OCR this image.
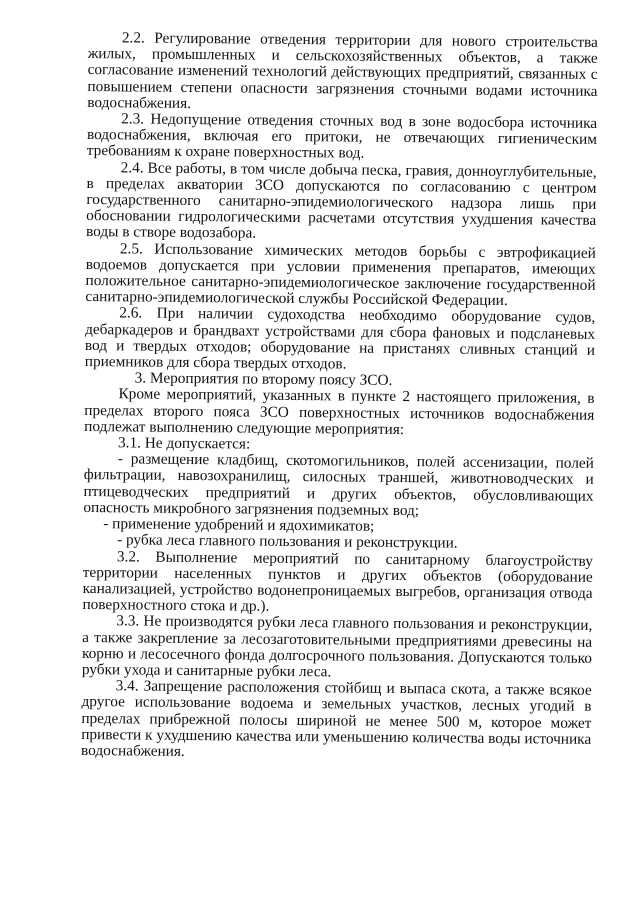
2.2. Регулирование отведения территории для нового строительства жилых, промышленных и сельскохозяйственных объектов, а также согласование изменений технологий действующих предприятий, связанных с повышением степени опасности загрязнения сточными водами источника водоснабжения.

2.3. Недопущение отведения сточных вод в зоне водосбора источника водоснабжения, включая его притоки, не отвечающих гигиеническим требованиям к охране поверхностных вод.

2.4. Все работы, в том числе добыча песка, гравия, донноуглубительные, в пределах акватории ЗСО допускаются по согласованию с центром государственного санитарно-эпидемиологического надзора лишь при обосновании гидрологическими расчетами отсутствия ухудшения качества воды в створе водозабора.

2.5. Использование химических методов борьбы с эвтрофикацией водоемов допускается при условии применения препаратов, имеющих положительное санитарно-эпидемиологическое заключение государственной санитарно-эпидемиологической службы Российской Федерации.

2.6. При наличии судоходства необходимо оборудование судов, дебаркадеров и брандвахт устройствами для сбора фановых и подсланевых вод и твердых отходов; оборудование на пристанях сливных станций и приемников для сбора твердых отходов.

3. Мероприятия по второму поясу ЗСО.

Кроме мероприятий, указанных в пункте 2 настоящего приложения, в пределах второго пояса ЗСО поверхностных источников водоснабжения подлежат выполнению следующие мероприятия:

3.1. Не допускается:

- размещение кладбищ, скотомогильников, полей ассенизации, полей фильтрации, навозохранилищ, силосных траншей, животноводческих и птицеводческих предприятий и других объектов, обусловливающих опасность микробного загрязнения подземных вод;

- применение удобрений и ядохимикатов;

- рубка леса главного пользования и реконструкции.

3.2. Выполнение мероприятий по санитарному благоустройству территории населенных пунктов и других объектов (оборудование канализацией, устройство водонепроницаемых выгребов, организация отвода поверхностного стока и др.).

3.3. Не производятся рубки леса главного пользования и реконструкции, а также закрепление за лесозаготовительными предприятиями древесины на корню и лесосечного фонда долгосрочного пользования. Допускаются только рубки ухода и санитарные рубки леса.

3.4. Запрещение расположения стойбищ и выпаса скота, а также всякое другое использование водоема и земельных участков, лесных угодий в пределах прибрежной полосы шириной не менее 500 м, которое может привести к ухудшению качества или уменьшению количества воды источника водоснабжения.
